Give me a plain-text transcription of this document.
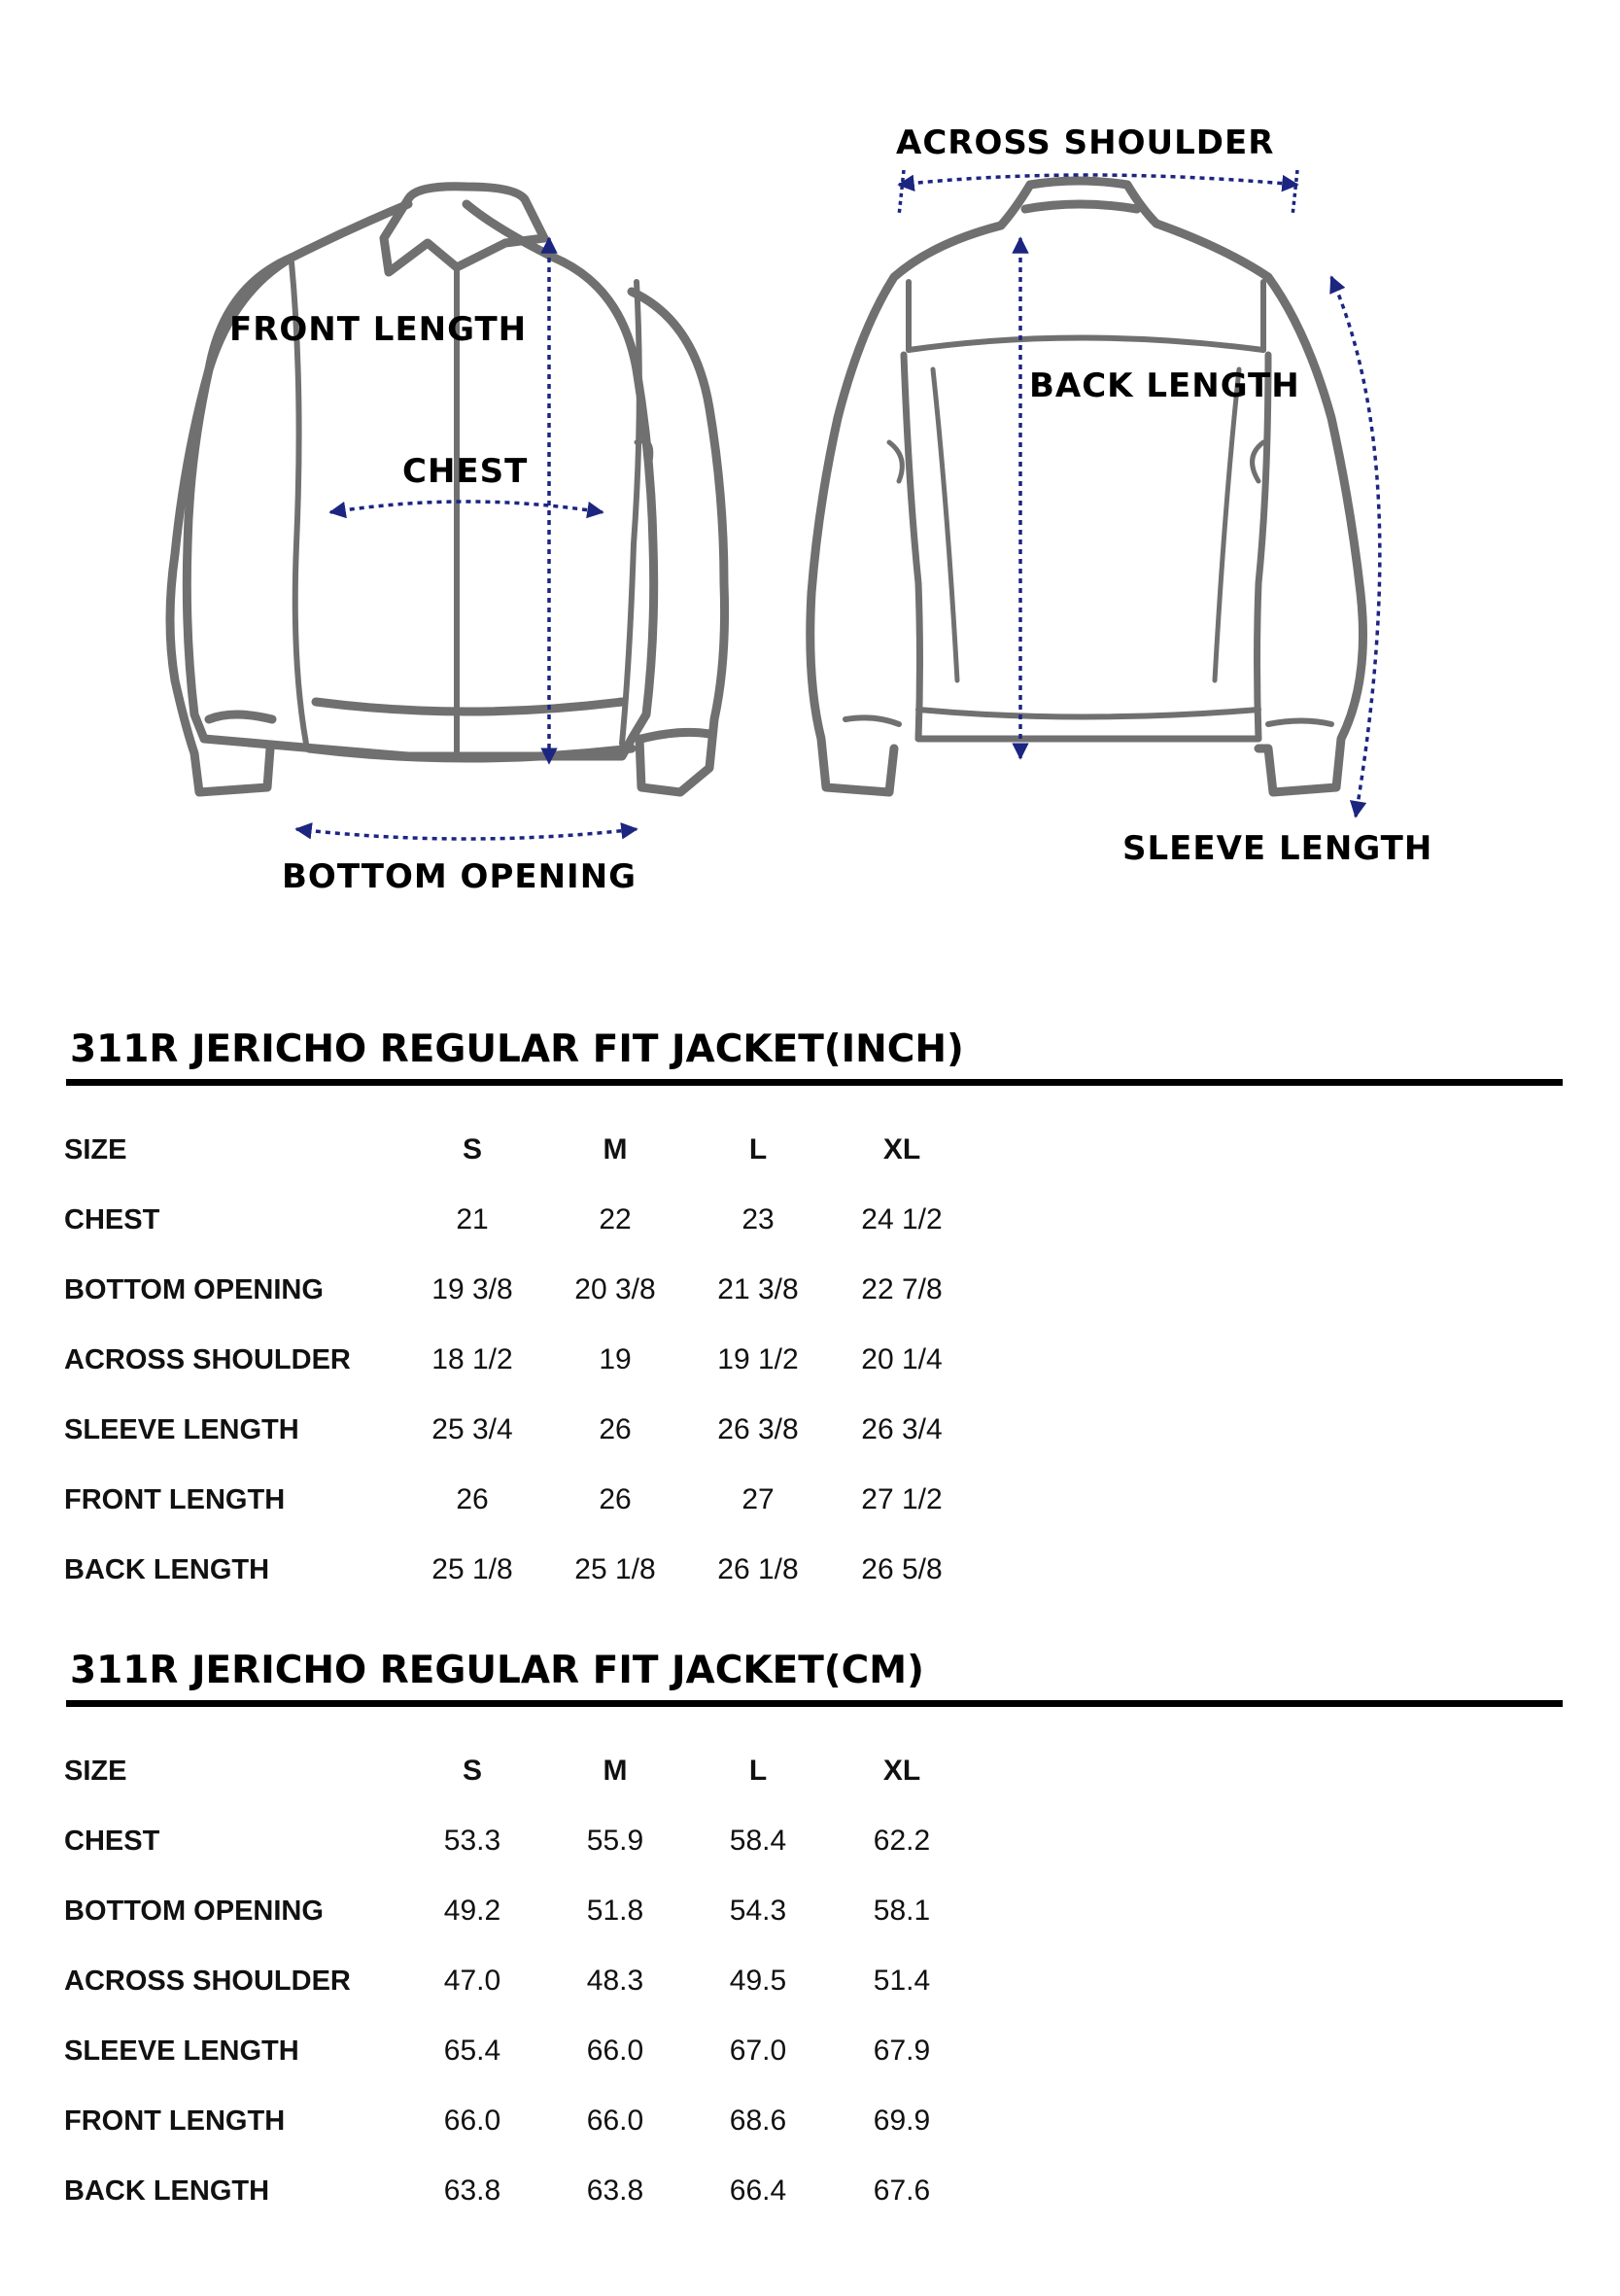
FRONT LENGTH
CHEST
BOTTOM OPENING
ACROSS SHOULDER
BACK LENGTH
SLEEVE LENGTH
311R JERICHO REGULAR FIT JACKET(INCH)
SIZE	S	M	L	XL
CHEST	21	22	23	24 1/2
BOTTOM OPENING	19 3/8	20 3/8	21 3/8	22 7/8
ACROSS SHOULDER	18 1/2	19	19 1/2	20 1/4
SLEEVE LENGTH	25 3/4	26	26 3/8	26 3/4
FRONT LENGTH	26	26	27	27 1/2
BACK LENGTH	25 1/8	25 1/8	26 1/8	26 5/8
311R JERICHO REGULAR FIT JACKET(CM)
SIZE	S	M	L	XL
CHEST	53.3	55.9	58.4	62.2
BOTTOM OPENING	49.2	51.8	54.3	58.1
ACROSS SHOULDER	47.0	48.3	49.5	51.4
SLEEVE LENGTH	65.4	66.0	67.0	67.9
FRONT LENGTH	66.0	66.0	68.6	69.9
BACK LENGTH	63.8	63.8	66.4	67.6
